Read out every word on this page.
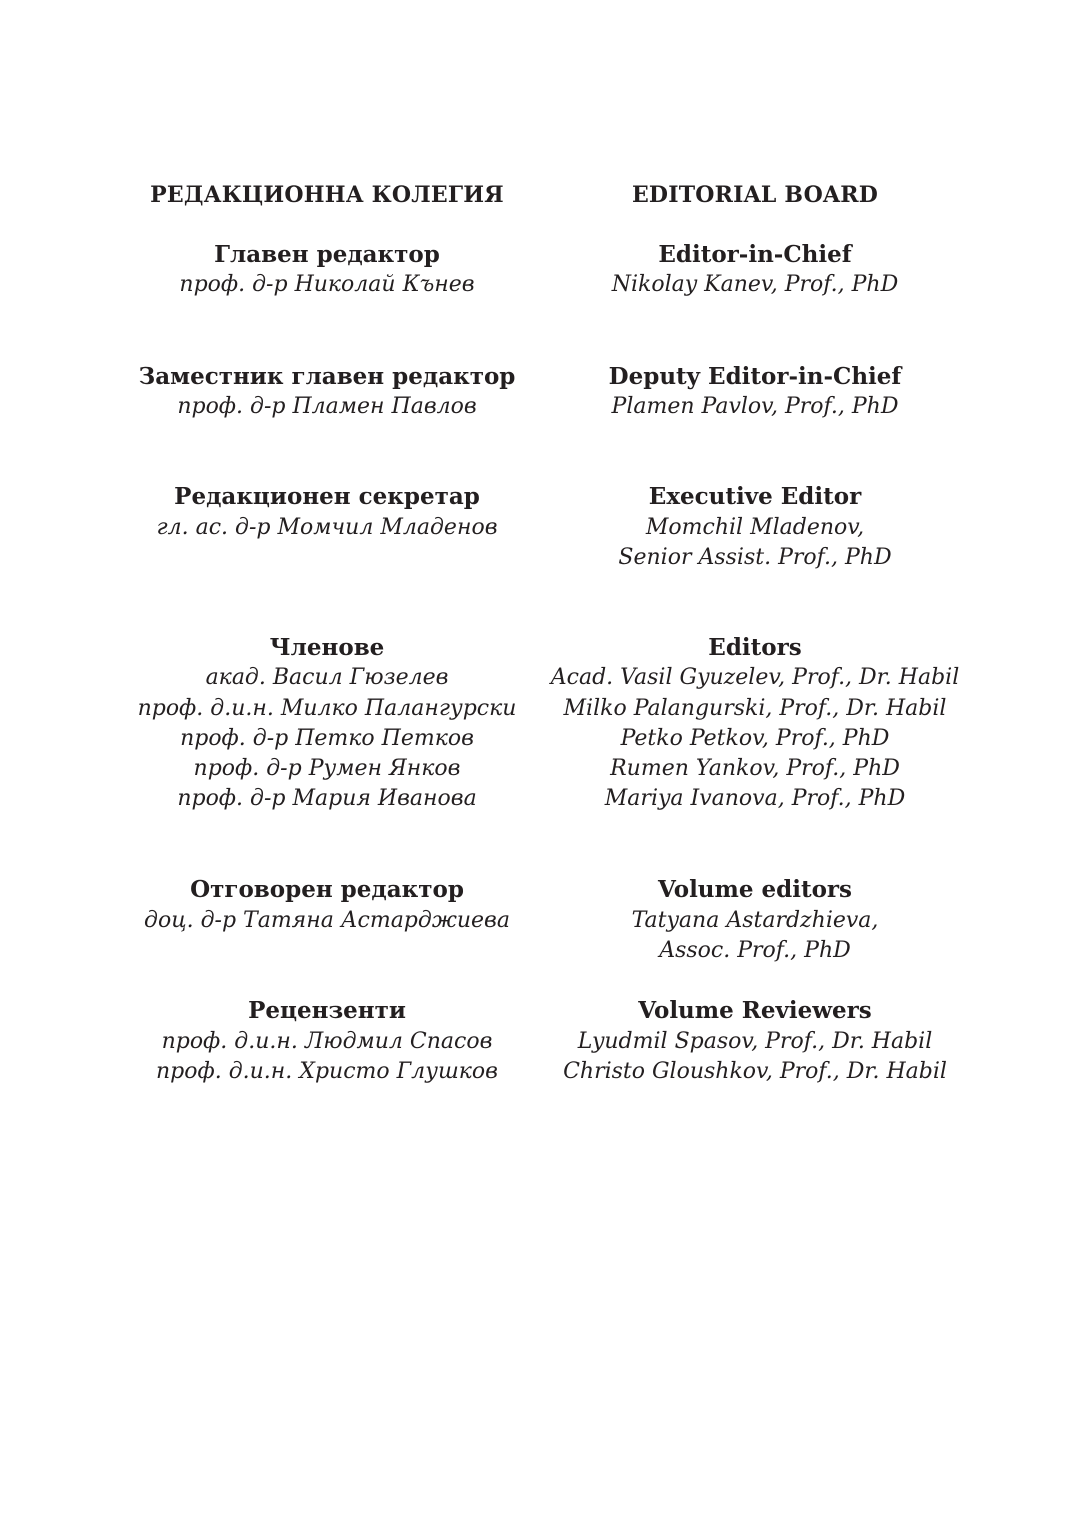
РЕДАКЦИОННА КОЛЕГИЯ
Главен редактор
проф. д-р Николай Кънев
Заместник главен редактор
проф. д-р Пламен Павлов
Редакционен секретар
гл. ас. д-р Момчил Младенов
Членове
акад. Васил Гюзелев
проф. д.и.н. Милко Палангурски
проф. д-р Петко Петков
проф. д-р Румен Янков
проф. д-р Мария Иванова
Отговорен редактор
доц. д-р Татяна Астарджиева
Рецензенти
проф. д.и.н. Людмил Спасов
проф. д.и.н. Христо Глушков
EDITORIAL BOARD
Editor-in-Chief
Nikolay Kanev, Prof., PhD
Deputy Editor-in-Chief
Plamen Pavlov, Prof., PhD
Executive Editor
Momchil Mladenov,
Senior Assist. Prof., PhD
Editors
Acad. Vasil Gyuzelev, Prof., Dr. Habil
Milko Palangurski, Prof., Dr. Habil
Petko Petkov, Prof., PhD
Rumen Yankov, Prof., PhD
Mariya Ivanova, Prof., PhD
Volume editors
Tatyana Astardzhieva,
Assoc. Prof., PhD
Volume Reviewers
Lyudmil Spasov, Prof., Dr. Habil
Christo Gloushkov, Prof., Dr. Habil
